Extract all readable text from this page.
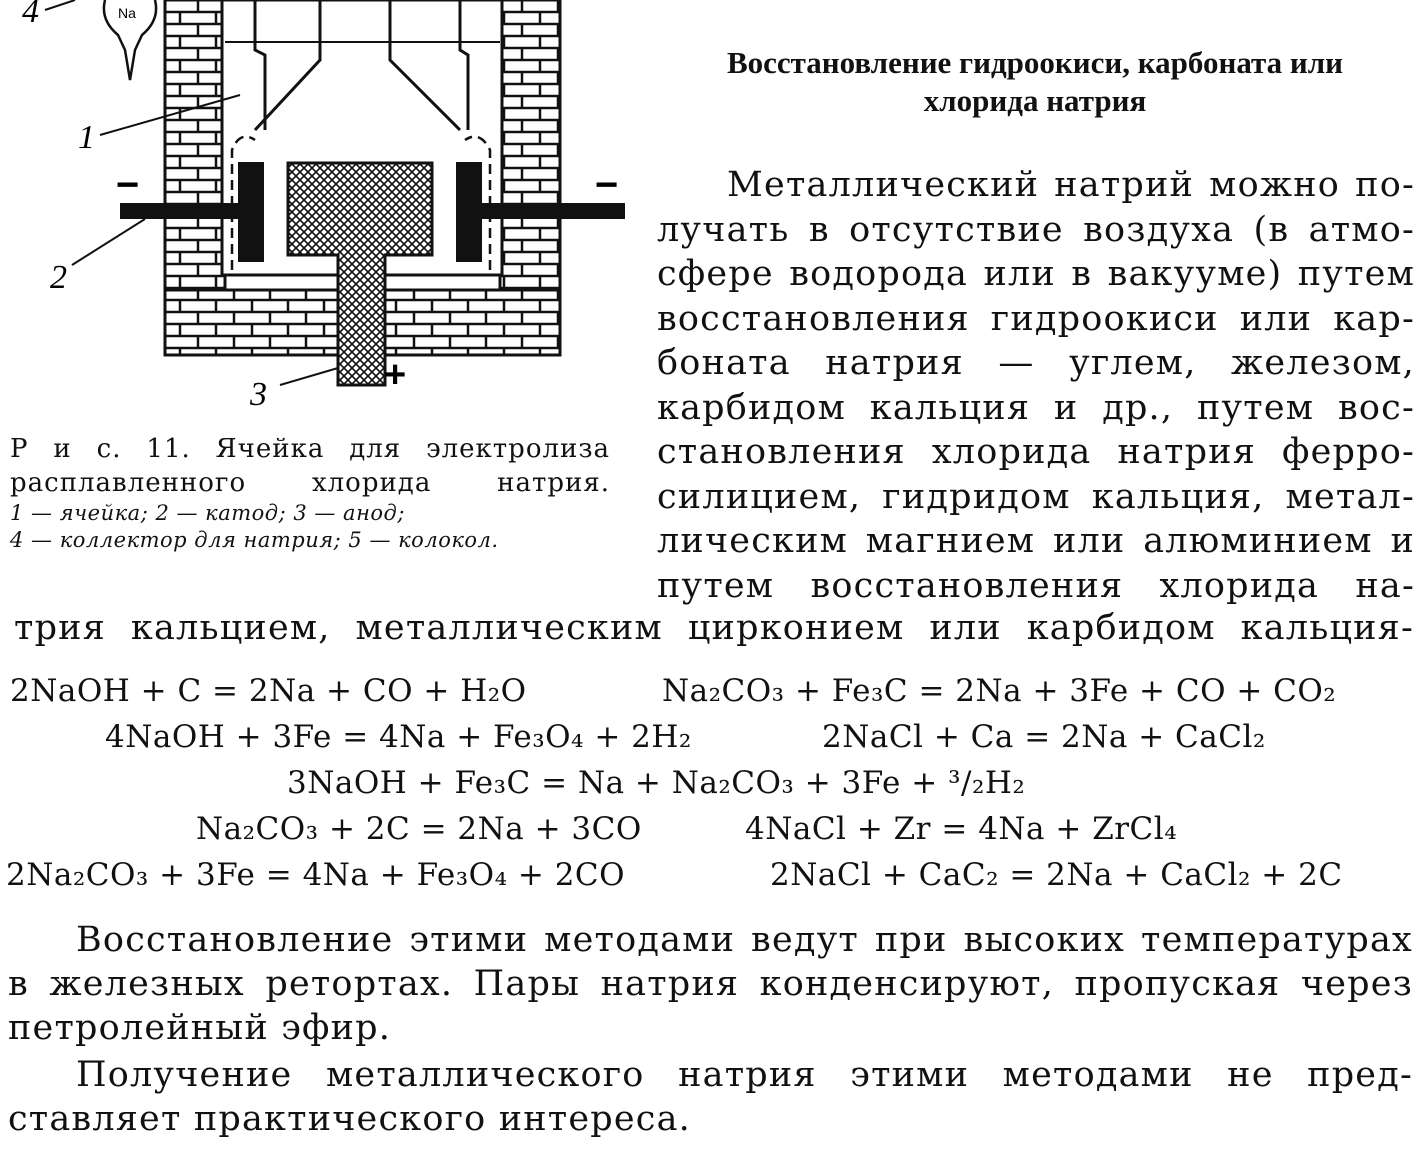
1
2
3
4	Na
−	−
+
Р и с. 11. Ячейка для электролиза
расплавленного хлорида натрия.
1 — ячейка; 2 — катод; 3 — анод;
4 — коллектор для натрия; 5 — колокол.
Восстановление гидроокиси, карбоната или
хлорида натрия
Металлический натрий можно по-
лучать в отсутствие воздуха (в атмо-
сфере водорода или в вакууме) путем
восстановления гидроокиси или кар-
боната натрия — углем, железом,
карбидом кальция и др., путем вос-
становления хлорида натрия ферро-
силицием, гидридом кальция, метал-
лическим магнием или алюминием и
путем восстановления хлорида на-
трия кальцием, металлическим цирконием или карбидом кальция-
2NaOH + C = 2Na + CO + H₂O	Na₂CO₃ + Fe₃C = 2Na + 3Fe + CO + CO₂
4NaOH + 3Fe = 4Na + Fe₃O₄ + 2H₂	2NaCl + Ca = 2Na + CaCl₂
3NaOH + Fe₃C = Na + Na₂CO₃ + 3Fe + ³/₂H₂
Na₂CO₃ + 2C = 2Na + 3CO	4NaCl + Zr = 4Na + ZrCl₄
2Na₂CO₃ + 3Fe = 4Na + Fe₃O₄ + 2CO	2NaCl + CaC₂ = 2Na + CaCl₂ + 2C
Восстановление этими методами ведут при высоких температурах
в железных ретортах. Пары натрия конденсируют, пропуская через
петролейный эфир.
Получение металлического натрия этими методами не пред-
ставляет практического интереса.
